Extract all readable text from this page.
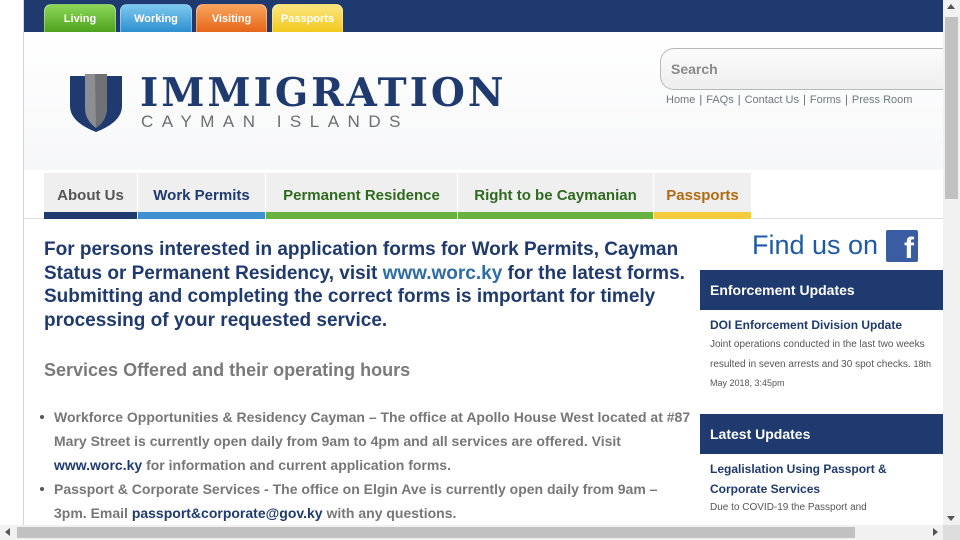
Living	Working	Visiting	Passports
IMMIGRATION
CAYMAN ISLANDS
Search
Home | FAQs | Contact Us | Forms | Press Room
About Us	Work Permits	Permanent Residence	Right to be Caymanian	Passports

For persons interested in application forms for Work Permits, Cayman Status or Permanent Residency, visit www.worc.ky for the latest forms. Submitting and completing the correct forms is important for timely processing of your requested service.

Services Offered and their operating hours
Workforce Opportunities & Residency Cayman – The office at Apollo House West located at #87 Mary Street is currently open daily from 9am to 4pm and all services are offered. Visit www.worc.ky for information and current application forms.
Passport & Corporate Services - The office on Elgin Ave is currently open daily from 9am – 3pm. Email passport&corporate@gov.ky with any questions.
Find us on f
Enforcement Updates
DOI Enforcement Division Update
Joint operations conducted in the last two weeks resulted in seven arrests and 30 spot checks. 18th May 2018, 3:45pm
Latest Updates
Legalislation Using Passport & Corporate Services
Due to COVID-19 the Passport and
